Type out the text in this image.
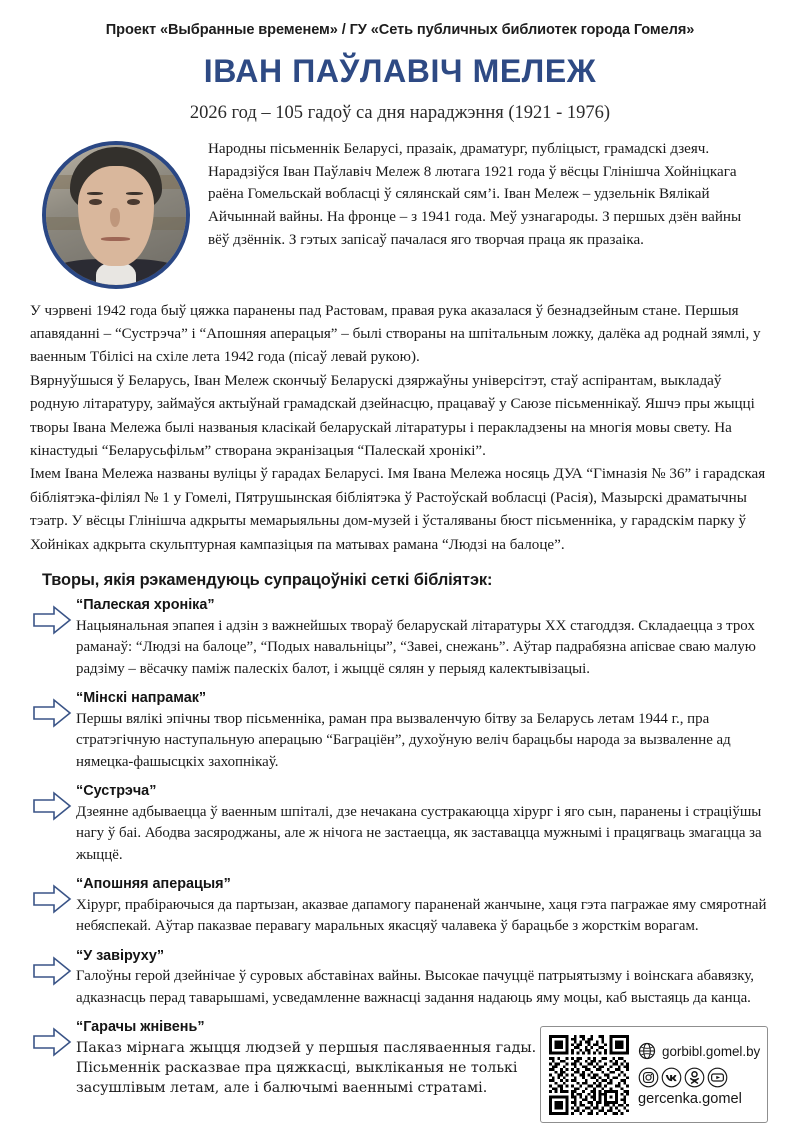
Проект «Выбранные временем» / ГУ «Сеть публичных библиотек города Гомеля»
ІВАН ПАЎЛАВІЧ МЕЛЕЖ
2026 год – 105 гадоў са дня нараджэння (1921 - 1976)
Народны пісьменнік Беларусі, празаік, драматург, публіцыст, грамадскі дзеяч. Нарадзіўся Іван Паўлавіч Мележ 8 лютага 1921 года ў вёсцы Глінішча Хойніцкага раёна Гомельскай вобласці ў сялянскай сям’і. Іван Мележ – удзельнік Вялікай Айчыннай вайны. На фронце – з 1941 года. Меў узнагароды. З першых дзён вайны вёў дзённік. З гэтых запісаў пачалася яго творчая праца як празаіка.

У чэрвені 1942 года быў цяжка паранены пад Растовам, правая рука аказалася ў безнадзейным стане. Першыя апавяданні – “Сустрэча” і “Апошняя аперацыя” – былі створаны на шпітальным ложку, далёка ад роднай зямлі, у ваенным Тбілісі на схіле лета 1942 года (пісаў левай рукою).

Вярнуўшыся ў Беларусь, Іван Мележ скончыў Беларускі дзяржаўны універсітэт, стаў аспірантам, выкладаў родную літаратуру, займаўся актыўнай грамадскай дзейнасцю, працаваў у Саюзе пісьменнікаў. Яшчэ пры жыцці творы Івана Мележа былі названыя класікай беларускай літаратуры і перакладзены на многія мовы свету. На кінастудыі “Беларусьфільм” створана экранізацыя “Палескай хронікі”.

Імем Івана Мележа названы вуліцы ў гарадах Беларусі. Імя Івана Мележа носяць ДУА “Гімназія № 36” і гарадская бібліятэка-філіял № 1 у Гомелі, Пятрушынская бібліятэка ў Растоўскай вобласці (Расія), Мазырскі драматычны тэатр. У вёсцы Глінішча адкрыты мемарыяльны дом-музей і ўсталяваны бюст пісьменніка, у гарадскім парку ў Хойніках адкрыта скульптурная кампазіцыя па матывах рамана “Людзі на балоце”.

Творы, якія рэкамендуюць супрацоўнікі сеткі бібліятэк:
“Палеская хроніка”
Нацыянальная эпапея і адзін з важнейшых твораў беларускай літаратуры ХХ стагоддзя. Складаецца з трох раманаў: “Людзі на балоце”, “Подых навальніцы”, “Завеі, снежань”. Аўтар падрабязна апісвае сваю малую радзіму – вёсачку паміж палескіх балот, і жыццё сялян у перыяд калектывізацыі.
“Мінскі напрамак”
Першы вялікі эпічны твор пісьменніка, раман пра вызваленчую бітву за Беларусь летам 1944 г., пра стратэгічную наступальную аперацыю “Баграціён”, духоўную веліч барацьбы народа за вызваленне ад нямецка-фашысцкіх захопнікаў.
“Сустрэча”
Дзеянне адбываецца ў ваенным шпіталі, дзе нечакана сустракаюцца хірург і яго сын, паранены і страціўшы нагу ў баі. Абодва засяроджаны, але ж нічога не застаецца, як заставацца мужнымі і працягваць змагацца за жыццё.
“Апошняя аперацыя”
Хірург, прабіраючыся да партызан, аказвае дапамогу параненай жанчыне, хаця гэта пагражае яму смяротнай небяспекай. Аўтар паказвае перавагу маральных якасцяў чалавека ў барацьбе з жорсткім ворагам.
“У завіруху”
Галоўны герой дзейнічае ў суровых абставінах вайны. Высокае пачуццё патрыятызму і воінскага абавязку, адказнасць перад таварышамі, усведамленне важнасці задання надаюць яму моцы, каб выстаяць да канца.
“Гарачы жнівень”
Паказ мірнага жыцця людзей у першыя пасляваенныя гады. Пісьменнік расказвае пра цяжкасці, выкліканыя не толькі засушлівым летам, але і балючымі ваеннымі стратамі.
gorbibl.gomel.by
gercenka.gomel
